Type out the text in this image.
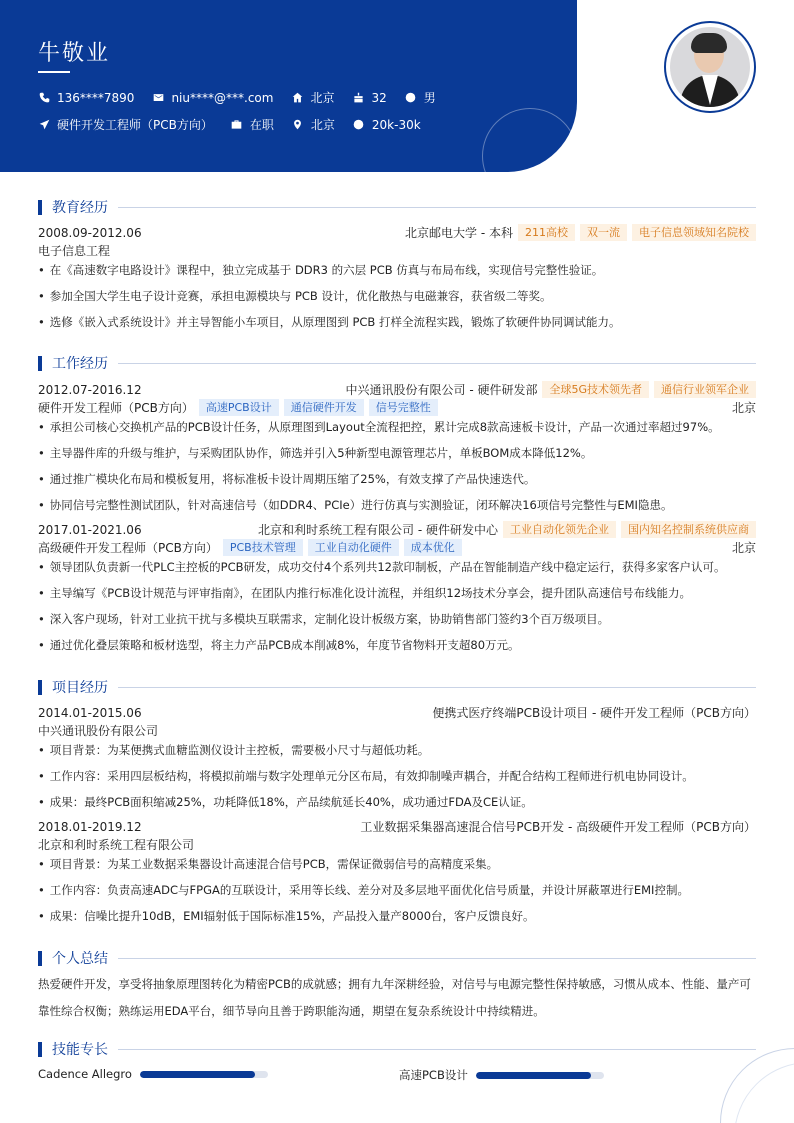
牛敬业
136****7890	niu****@***.com	北京	32	男
硬件开发工程师（PCB方向）	在职	北京	20k-30k
教育经历
2008.09-2012.06	北京邮电大学 - 本科	211高校	双一流	电子信息领域知名院校
电子信息工程
• 在《高速数字电路设计》课程中，独立完成基于 DDR3 的六层 PCB 仿真与布局布线，实现信号完整性验证。
• 参加全国大学生电子设计竞赛，承担电源模块与 PCB 设计，优化散热与电磁兼容，获省级二等奖。
• 选修《嵌入式系统设计》并主导智能小车项目，从原理图到 PCB 打样全流程实践，锻炼了软硬件协同调试能力。
工作经历
2012.07-2016.12	中兴通讯股份有限公司 - 硬件研发部	全球5G技术领先者	通信行业领军企业
硬件开发工程师（PCB方向）	高速PCB设计	通信硬件开发	信号完整性	北京
• 承担公司核心交换机产品的PCB设计任务，从原理图到Layout全流程把控，累计完成8款高速板卡设计，产品一次通过率超过97%。
• 主导器件库的升级与维护，与采购团队协作，筛选并引入5种新型电源管理芯片，单板BOM成本降低12%。
• 通过推广模块化布局和模板复用，将标准板卡设计周期压缩了25%，有效支撑了产品快速迭代。
• 协同信号完整性测试团队，针对高速信号（如DDR4、PCIe）进行仿真与实测验证，闭环解决16项信号完整性与EMI隐患。
2017.01-2021.06	北京和利时系统工程有限公司 - 硬件研发中心	工业自动化领先企业	国内知名控制系统供应商
高级硬件开发工程师（PCB方向）	PCB技术管理	工业自动化硬件	成本优化	北京
• 领导团队负责新一代PLC主控板的PCB研发，成功交付4个系列共12款印制板，产品在智能制造产线中稳定运行，获得多家客户认可。
• 主导编写《PCB设计规范与评审指南》，在团队内推行标准化设计流程，并组织12场技术分享会，提升团队高速信号布线能力。
• 深入客户现场，针对工业抗干扰与多模块互联需求，定制化设计板级方案，协助销售部门签约3个百万级项目。
• 通过优化叠层策略和板材选型，将主力产品PCB成本削减8%，年度节省物料开支超80万元。
项目经历
2014.01-2015.06	便携式医疗终端PCB设计项目 - 硬件开发工程师（PCB方向）
中兴通讯股份有限公司
• 项目背景：为某便携式血糖监测仪设计主控板，需要极小尺寸与超低功耗。
• 工作内容：采用四层板结构，将模拟前端与数字处理单元分区布局，有效抑制噪声耦合，并配合结构工程师进行机电协同设计。
• 成果：最终PCB面积缩减25%，功耗降低18%，产品续航延长40%，成功通过FDA及CE认证。
2018.01-2019.12	工业数据采集器高速混合信号PCB开发 - 高级硬件开发工程师（PCB方向）
北京和利时系统工程有限公司
• 项目背景：为某工业数据采集器设计高速混合信号PCB，需保证微弱信号的高精度采集。
• 工作内容：负责高速ADC与FPGA的互联设计，采用等长线、差分对及多层地平面优化信号质量，并设计屏蔽罩进行EMI控制。
• 成果：信噪比提升10dB，EMI辐射低于国际标准15%，产品投入量产8000台，客户反馈良好。
个人总结
热爱硬件开发，享受将抽象原理图转化为精密PCB的成就感；拥有九年深耕经验，对信号与电源完整性保持敏感，习惯从成本、性能、量产可靠性综合权衡；熟练运用EDA平台，细节导向且善于跨职能沟通，期望在复杂系统设计中持续精进。
技能专长
Cadence Allegro	高速PCB设计
